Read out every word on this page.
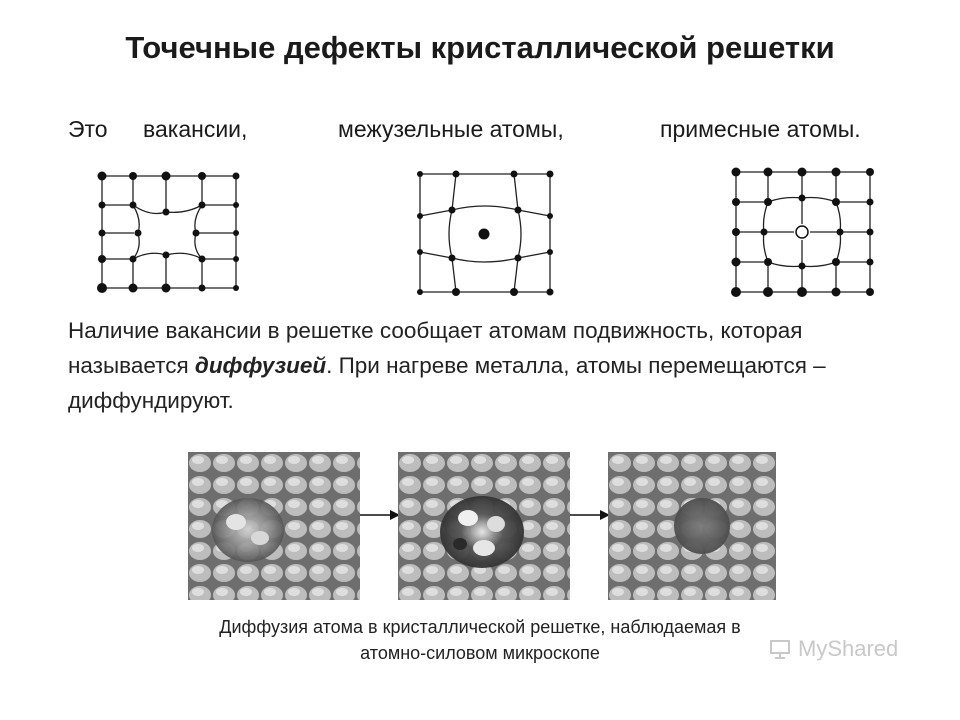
Точечные дефекты кристаллической решетки
Это вакансии,	межузельные атомы,	примесные атомы.

Наличие вакансии в решетке сообщает атомам подвижность, которая называется диффузией. При нагреве металла, атомы перемещаются – диффундируют.

Диффузия атома в кристаллической решетке, наблюдаемая в
атомно-силовом микроскопе	MyShared
